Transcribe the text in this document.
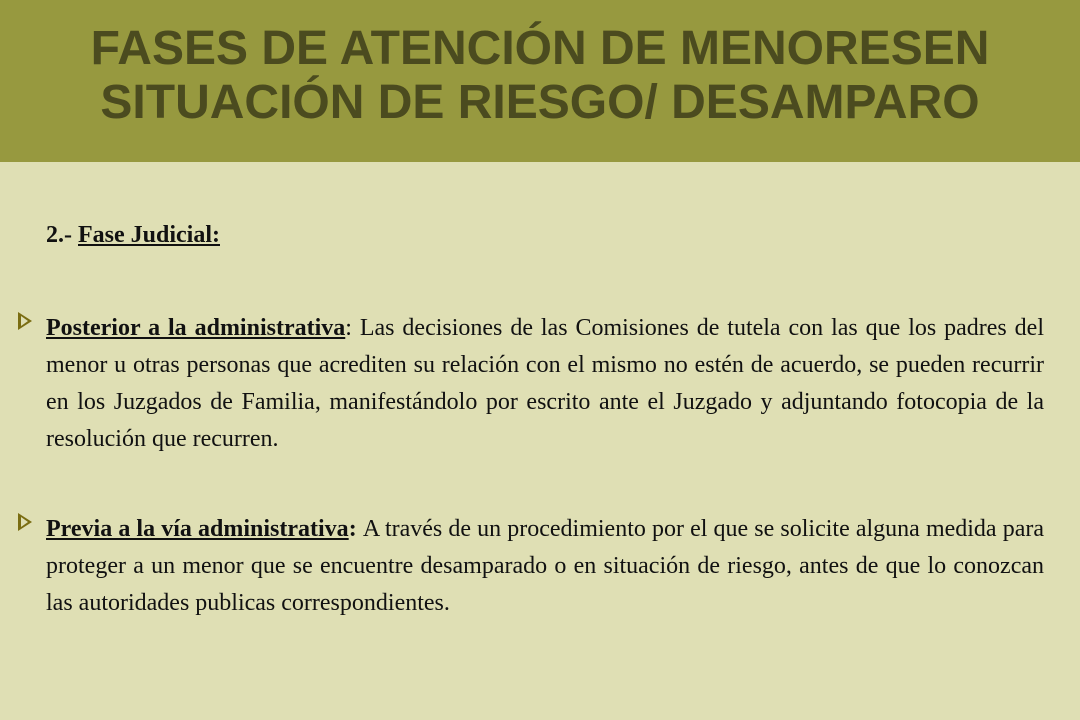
FASES DE ATENCIÓN DE MENORESEN
SITUACIÓN DE RIESGO/ DESAMPARO

2.- Fase Judicial:

Posterior a la administrativa: Las decisiones de las Comisiones de tutela con las que los padres del menor u otras personas que acrediten su relación con el mismo no estén de acuerdo, se pueden recurrir en los Juzgados de Familia, manifestándolo por escrito ante el Juzgado y adjuntando fotocopia de la resolución que recurren.

Previa a la vía administrativa: A través de un procedimiento por el que se solicite alguna medida para proteger a un menor que se encuentre desamparado o en situación de riesgo, antes de que lo conozcan las autoridades publicas correspondientes.
